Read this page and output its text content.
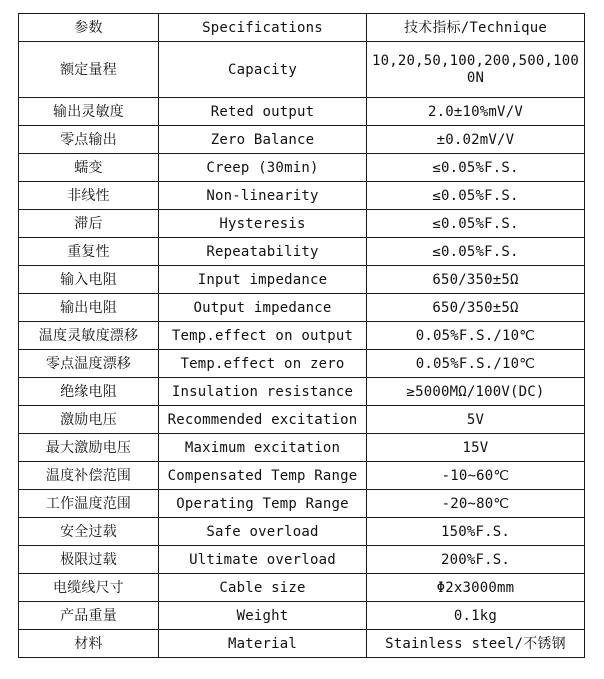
参数	Specifications	技术指标/Technique
额定量程	Capacity	10,20,50,100,200,500,1000N
输出灵敏度	Reted output	2.0±10%mV/V
零点输出	Zero Balance	±0.02mV/V
蠕变	Creep (30min)	≤0.05%F.S.
非线性	Non-linearity	≤0.05%F.S.
滞后	Hysteresis	≤0.05%F.S.
重复性	Repeatability	≤0.05%F.S.
输入电阻	Input impedance	650/350±5Ω
输出电阻	Output impedance	650/350±5Ω
温度灵敏度漂移	Temp.effect on output	0.05%F.S./10℃
零点温度漂移	Temp.effect on zero	0.05%F.S./10℃
绝缘电阻	Insulation resistance	≥5000MΩ/100V(DC)
激励电压	Recommended excitation	5V
最大激励电压	Maximum excitation	15V
温度补偿范围	Compensated Temp Range	-10~60℃
工作温度范围	Operating Temp Range	-20~80℃
安全过载	Safe overload	150%F.S.
极限过载	Ultimate overload	200%F.S.
电缆线尺寸	Cable size	Φ2x3000mm
产品重量	Weight	0.1kg
材料	Material	Stainless steel/不锈钢
